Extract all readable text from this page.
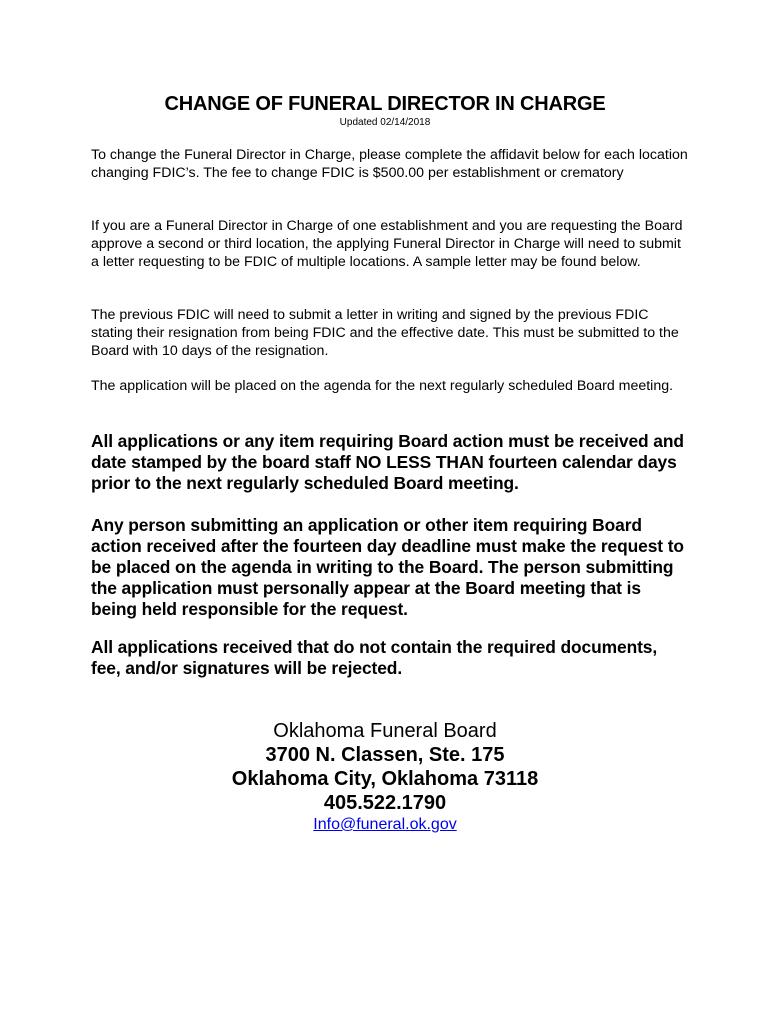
CHANGE OF FUNERAL DIRECTOR IN CHARGE
Updated 02/14/2018

To change the Funeral Director in Charge, please complete the affidavit below for each location changing FDIC’s. The fee to change FDIC is $500.00 per establishment or crematory

If you are a Funeral Director in Charge of one establishment and you are requesting the Board approve a second or third location, the applying Funeral Director in Charge will need to submit a letter requesting to be FDIC of multiple locations. A sample letter may be found below.

The previous FDIC will need to submit a letter in writing and signed by the previous FDIC stating their resignation from being FDIC and the effective date. This must be submitted to the Board with 10 days of the resignation.

The application will be placed on the agenda for the next regularly scheduled Board meeting.

All applications or any item requiring Board action must be received and date stamped by the board staff NO LESS THAN fourteen calendar days prior to the next regularly scheduled Board meeting.

Any person submitting an application or other item requiring Board action received after the fourteen day deadline must make the request to be placed on the agenda in writing to the Board. The person submitting the application must personally appear at the Board meeting that is being held responsible for the request.

All applications received that do not contain the required documents, fee, and/or signatures will be rejected.

Oklahoma Funeral Board
3700 N. Classen, Ste. 175
Oklahoma City, Oklahoma 73118
405.522.1790
Info@funeral.ok.gov
